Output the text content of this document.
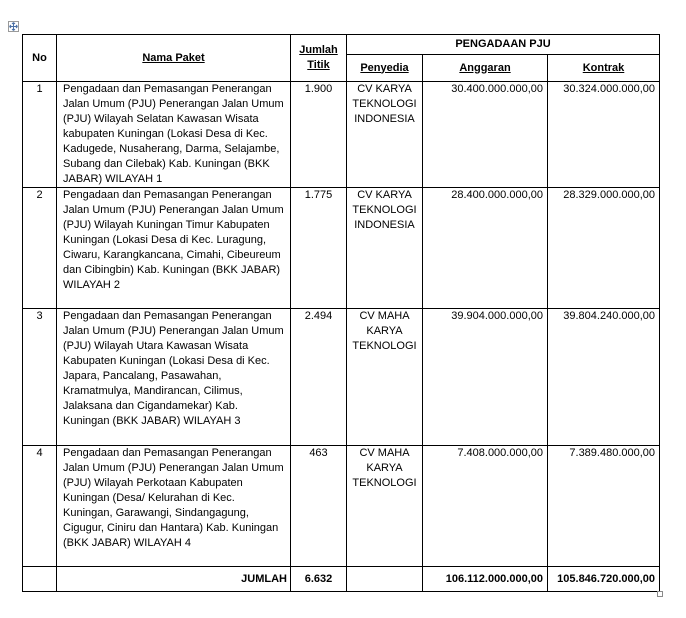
No	Nama Paket	Jumlah Titik	PENGADAAN PJU		
			Penyedia	Anggaran	Kontrak
1	Pengadaan dan Pemasangan Penerangan Jalan Umum (PJU) Penerangan Jalan Umum (PJU) Wilayah Selatan Kawasan Wisata kabupaten Kuningan (Lokasi Desa di Kec. Kadugede, Nusaherang, Darma, Selajambe, Subang dan Cilebak) Kab. Kuningan (BKK JABAR) WILAYAH 1	1.900	CV KARYA TEKNOLOGI INDONESIA	30.400.000.000,00	30.324.000.000,00
2	Pengadaan dan Pemasangan Penerangan Jalan Umum (PJU) Penerangan Jalan Umum (PJU) Wilayah Kuningan Timur Kabupaten Kuningan (Lokasi Desa di Kec. Luragung, Ciwaru, Karangkancana, Cimahi, Cibeureum dan Cibingbin) Kab. Kuningan (BKK JABAR) WILAYAH 2	1.775	CV KARYA TEKNOLOGI INDONESIA	28.400.000.000,00	28.329.000.000,00
3	Pengadaan dan Pemasangan Penerangan Jalan Umum (PJU) Penerangan Jalan Umum (PJU) Wilayah Utara Kawasan Wisata Kabupaten Kuningan (Lokasi Desa di Kec. Japara, Pancalang, Pasawahan, Kramatmulya, Mandirancan, Cilimus, Jalaksana dan Cigandamekar) Kab. Kuningan (BKK JABAR) WILAYAH 3	2.494	CV MAHA KARYA TEKNOLOGI	39.904.000.000,00	39.804.240.000,00
4	Pengadaan dan Pemasangan Penerangan Jalan Umum (PJU) Penerangan Jalan Umum (PJU) Wilayah Perkotaan Kabupaten Kuningan (Desa/ Kelurahan di Kec. Kuningan, Garawangi, Sindangagung, Cigugur, Ciniru dan Hantara) Kab. Kuningan (BKK JABAR) WILAYAH 4	463	CV MAHA KARYA TEKNOLOGI	7.408.000.000,00	7.389.480.000,00
	JUMLAH	6.632		106.112.000.000,00	105.846.720.000,00
